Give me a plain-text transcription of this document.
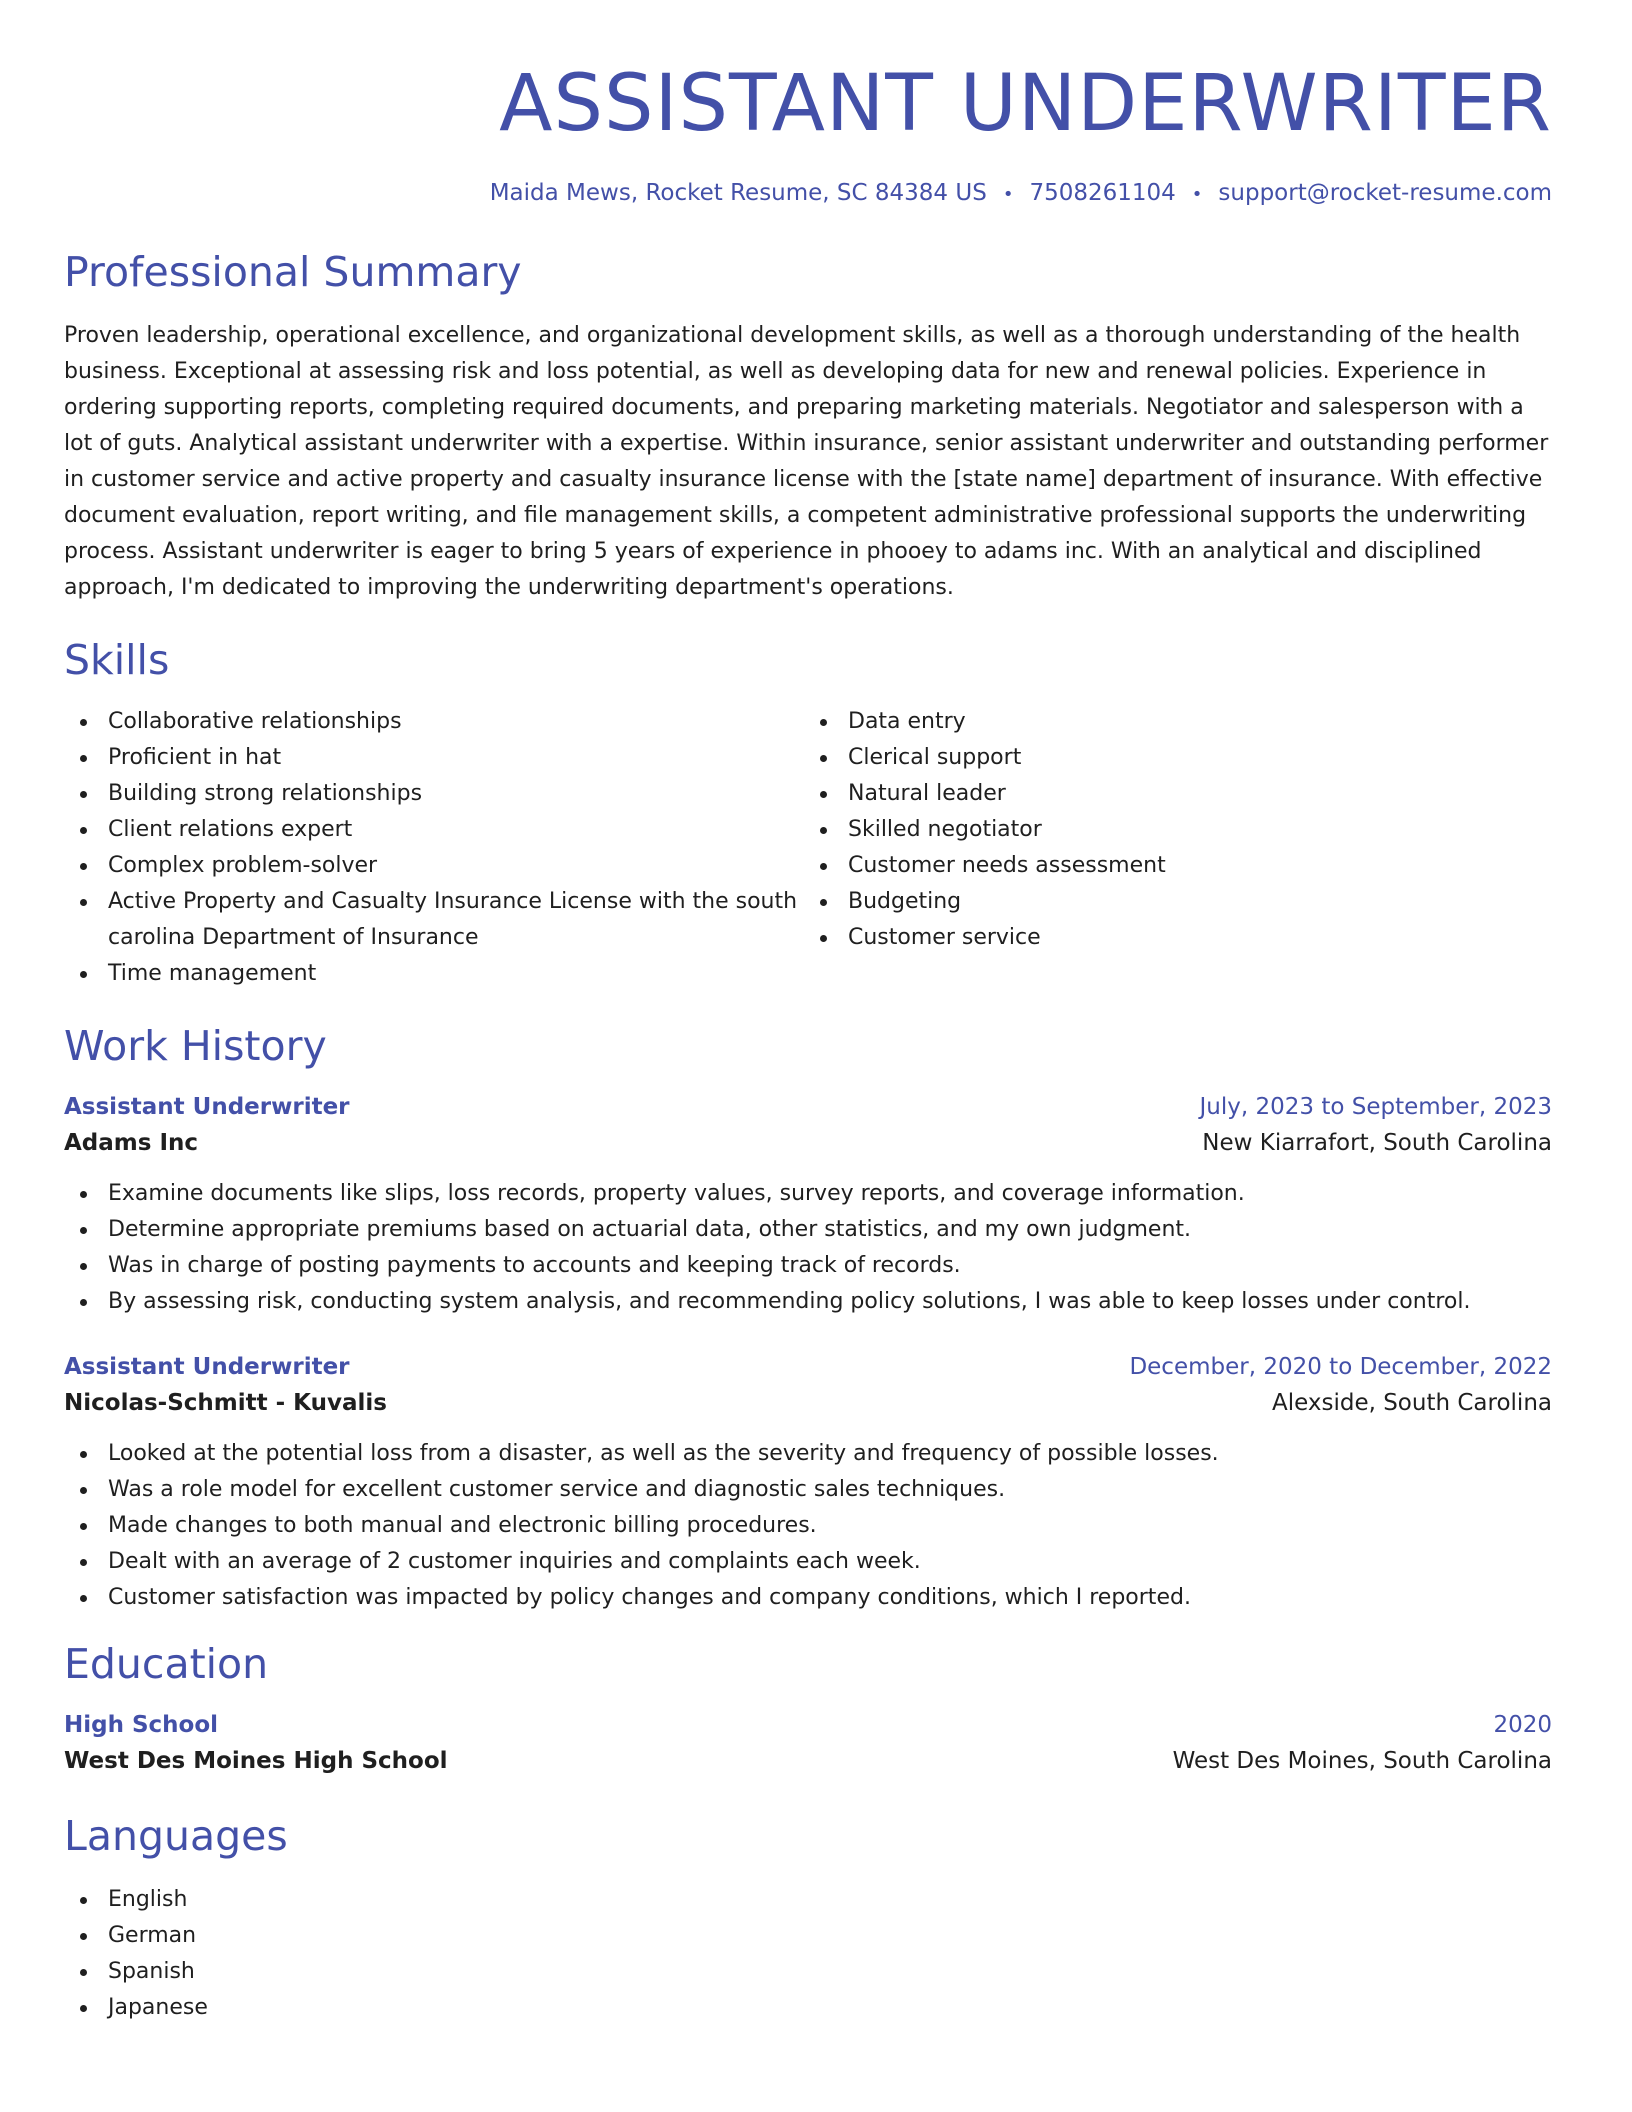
ASSISTANT UNDERWRITER
Maida Mews, Rocket Resume, SC 84384 US • 7508261104 • support@rocket-resume.com
Professional Summary

Proven leadership, operational excellence, and organizational development skills, as well as a thorough understanding of the health business. Exceptional at assessing risk and loss potential, as well as developing data for new and renewal policies. Experience in ordering supporting reports, completing required documents, and preparing marketing materials. Negotiator and salesperson with a lot of guts. Analytical assistant underwriter with a expertise. Within insurance, senior assistant underwriter and outstanding performer in customer service and active property and casualty insurance license with the [state name] department of insurance. With effective document evaluation, report writing, and file management skills, a competent administrative professional supports the underwriting process. Assistant underwriter is eager to bring 5 years of experience in phooey to adams inc. With an analytical and disciplined approach, I'm dedicated to improving the underwriting department's operations.

Skills
Collaborative relationships
Proficient in hat
Building strong relationships
Client relations expert
Complex problem-solver
Active Property and Casualty Insurance License with the south carolina Department of Insurance
Time management
Data entry
Clerical support
Natural leader
Skilled negotiator
Customer needs assessment
Budgeting
Customer service
Work History
Assistant Underwriter	July, 2023 to September, 2023
Adams Inc	New Kiarrafort, South Carolina
Examine documents like slips, loss records, property values, survey reports, and coverage information.
Determine appropriate premiums based on actuarial data, other statistics, and my own judgment.
Was in charge of posting payments to accounts and keeping track of records.
By assessing risk, conducting system analysis, and recommending policy solutions, I was able to keep losses under control.
Assistant Underwriter	December, 2020 to December, 2022
Nicolas-Schmitt - Kuvalis	Alexside, South Carolina
Looked at the potential loss from a disaster, as well as the severity and frequency of possible losses.
Was a role model for excellent customer service and diagnostic sales techniques.
Made changes to both manual and electronic billing procedures.
Dealt with an average of 2 customer inquiries and complaints each week.
Customer satisfaction was impacted by policy changes and company conditions, which I reported.
Education
High School	2020
West Des Moines High School	West Des Moines, South Carolina
Languages
English
German
Spanish
Japanese
